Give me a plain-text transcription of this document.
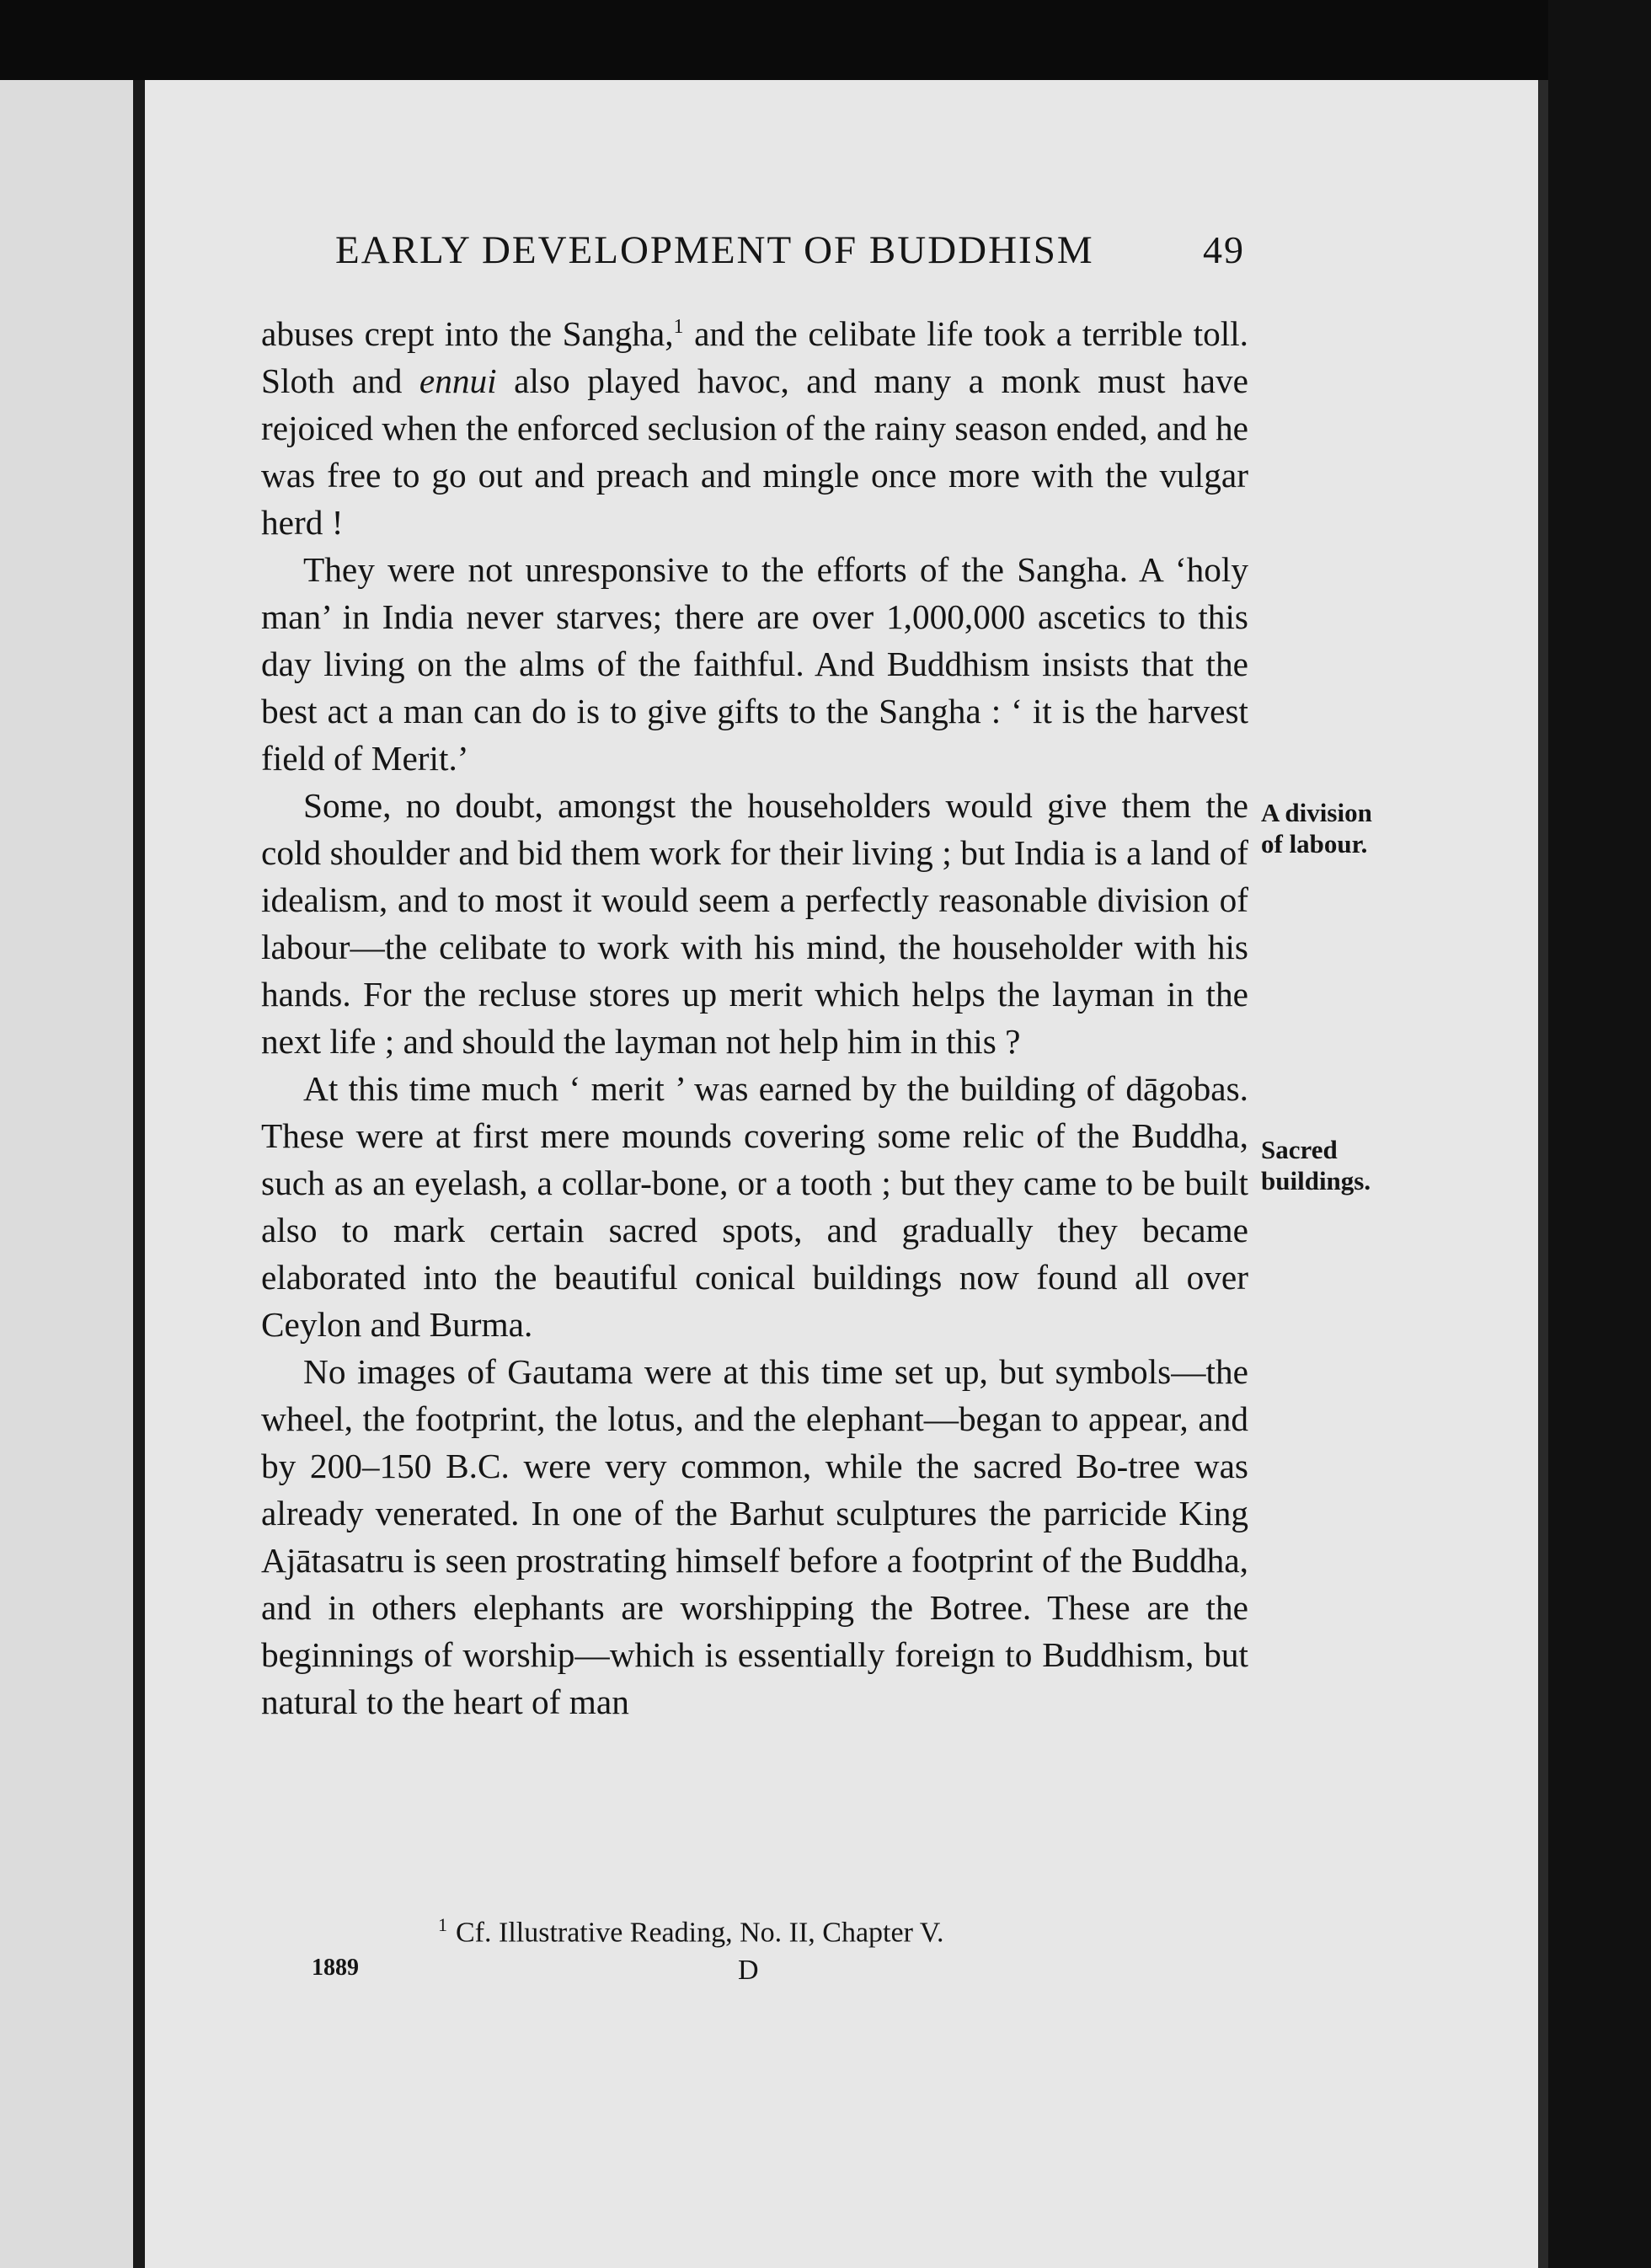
EARLY DEVELOPMENT OF BUDDHISM	49

abuses crept into the Sangha,$^1$ and the celibate life took a terrible toll. Sloth and ennui also played havoc, and many a monk must have rejoiced when the enforced seclusion of the rainy season ended, and he was free to go out and preach and mingle once more with the vulgar herd !

They were not unresponsive to the efforts of the Sangha. A ‘holy man’ in India never starves; there are over 1,000,000 ascetics to this day living on the alms of the faithful. And Buddhism insists that the best act a man can do is to give gifts to the Sangha : ‘ it is the harvest field of Merit.’

Some, no doubt, amongst the householders would give them the cold shoulder and bid them work for their living ; but India is a land of idealism, and to most it would seem a perfectly reasonable division of labour—the celibate to work with his mind, the householder with his hands. For the recluse stores up merit which helps the layman in the next life ; and should the layman not help him in this ?

At this time much ‘ merit ’ was earned by the building of dāgobas. These were at first mere mounds covering some relic of the Buddha, such as an eyelash, a collar-bone, or a tooth ; but they came to be built also to mark certain sacred spots, and gradually they became elaborated into the beautiful conical buildings now found all over Ceylon and Burma.

No images of Gautama were at this time set up, but symbols—the wheel, the footprint, the lotus, and the elephant—began to appear, and by 200–150 B.C. were very common, while the sacred Bo-tree was already venerated. In one of the Barhut sculptures the parricide King Ajātasatru is seen prostrating himself before a footprint of the Buddha, and in others elephants are worshipping the Botree. These are the beginnings of worship—which is essentially foreign to Buddhism, but natural to the heart of man

A division
of labour.
Sacred
buildings.
$^1$ Cf. Illustrative Reading, No. II, Chapter V.
1889	D
